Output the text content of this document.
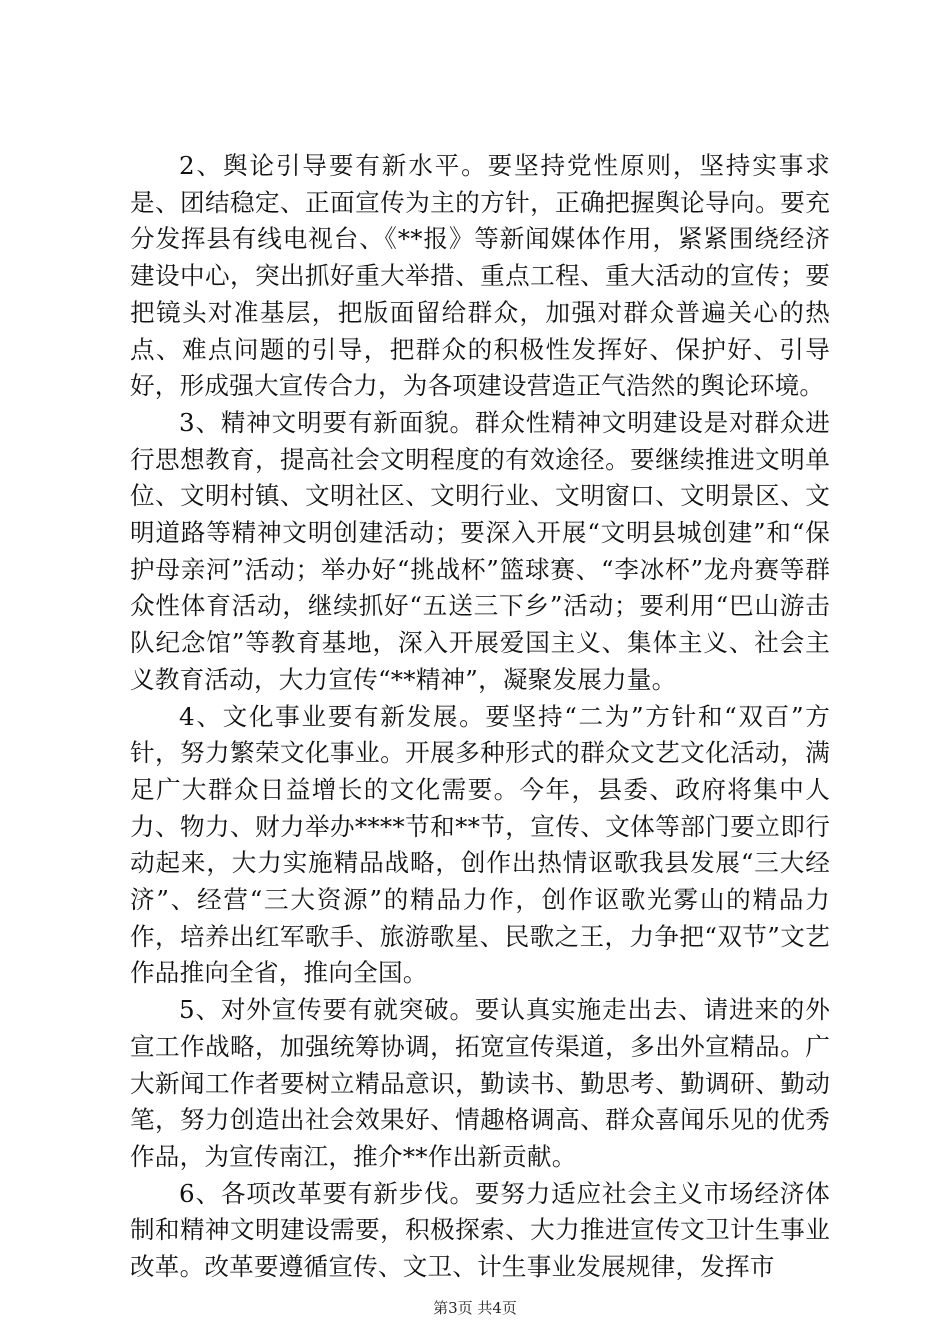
2、舆论引导要有新水平。要坚持党性原则，坚持实事求是、团结稳定、正面宣传为主的方针，正确把握舆论导向。要充分发挥县有线电视台、《**报》等新闻媒体作用，紧紧围绕经济建设中心，突出抓好重大举措、重点工程、重大活动的宣传；要把镜头对准基层，把版面留给群众，加强对群众普遍关心的热点、难点问题的引导，把群众的积极性发挥好、保护好、引导好，形成强大宣传合力，为各项建设营造正气浩然的舆论环境。

3、精神文明要有新面貌。群众性精神文明建设是对群众进行思想教育，提高社会文明程度的有效途径。要继续推进文明单位、文明村镇、文明社区、文明行业、文明窗口、文明景区、文明道路等精神文明创建活动；要深入开展“文明县城创建”和“保护母亲河”活动；举办好“挑战杯”篮球赛、“李冰杯”龙舟赛等群众性体育活动，继续抓好“五送三下乡”活动；要利用“巴山游击队纪念馆”等教育基地，深入开展爱国主义、集体主义、社会主义教育活动，大力宣传“**精神”，凝聚发展力量。

4、文化事业要有新发展。要坚持“二为”方针和“双百”方针，努力繁荣文化事业。开展多种形式的群众文艺文化活动，满足广大群众日益增长的文化需要。今年，县委、政府将集中人力、物力、财力举办****节和**节，宣传、文体等部门要立即行动起来，大力实施精品战略，创作出热情讴歌我县发展“三大经济”、经营“三大资源”的精品力作，创作讴歌光雾山的精品力作，培养出红军歌手、旅游歌星、民歌之王，力争把“双节”文艺作品推向全省，推向全国。

5、对外宣传要有就突破。要认真实施走出去、请进来的外宣工作战略，加强统筹协调，拓宽宣传渠道，多出外宣精品。广大新闻工作者要树立精品意识，勤读书、勤思考、勤调研、勤动笔，努力创造出社会效果好、情趣格调高、群众喜闻乐见的优秀作品，为宣传南江，推介**作出新贡献。

6、各项改革要有新步伐。要努力适应社会主义市场经济体制和精神文明建设需要，积极探索、大力推进宣传文卫计生事业改革。改革要遵循宣传、文卫、计生事业发展规律，发挥市

第3页 共4页
